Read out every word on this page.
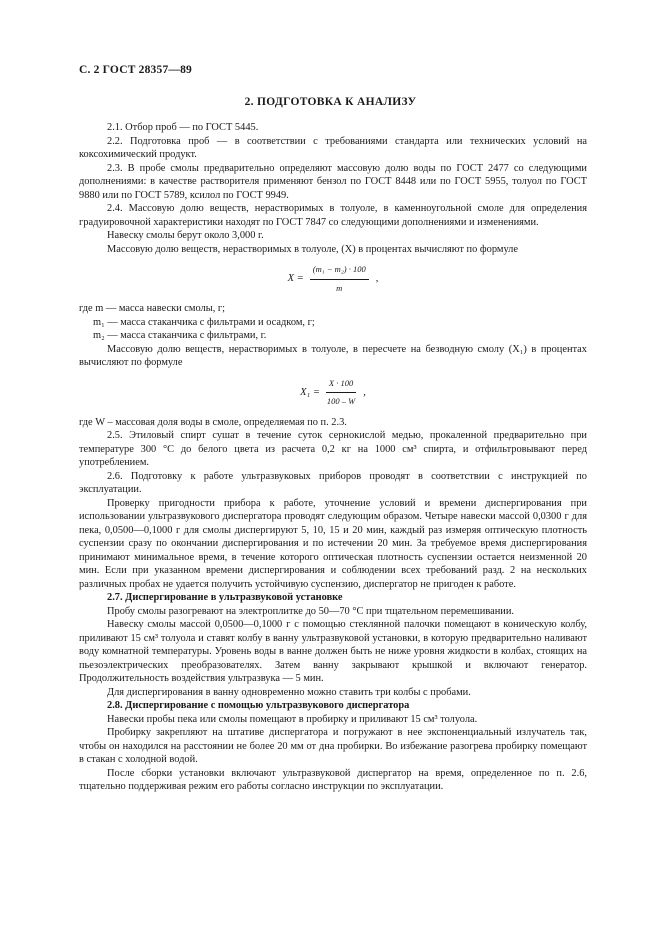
С. 2 ГОСТ 28357—89
2. ПОДГОТОВКА К АНАЛИЗУ

2.1. Отбор проб — по ГОСТ 5445.

2.2. Подготовка проб — в соответствии с требованиями стандарта или технических условий на коксохимический продукт.

2.3. В пробе смолы предварительно определяют массовую долю воды по ГОСТ 2477 со следующими дополнениями: в качестве растворителя применяют бензол по ГОСТ 8448 или по ГОСТ 5955, толуол по ГОСТ 9880 или по ГОСТ 5789, ксилол по ГОСТ 9949.

2.4. Массовую долю веществ, нерастворимых в толуоле, в каменноугольной смоле для определения градуировочной характеристики находят по ГОСТ 7847 со следующими дополнениями и изменениями.

Навеску смолы берут около 3,000 г.

Массовую долю веществ, нерастворимых в толуоле, (X) в процентах вычисляют по формуле

$X = \frac{\text{(m₁ − m₂) · 100}}{m}$ ,

где m — масса навески смолы, г;

m₁ — масса стаканчика с фильтрами и осадком, г;

m₂ — масса стаканчика с фильтрами, г.

Массовую долю веществ, нерастворимых в толуоле, в пересчете на безводную смолу (X₁) в процентах вычисляют по формуле

$X_1 = \frac{X \cdot 100}{100 - W}$ ,

где W – массовая доля воды в смоле, определяемая по п. 2.3.

2.5. Этиловый спирт сушат в течение суток сернокислой медью, прокаленной предварительно при температуре 300 °С до белого цвета из расчета 0,2 кг на 1000 см³ спирта, и отфильтровывают перед употреблением.

2.6. Подготовку к работе ультразвуковых приборов проводят в соответствии с инструкцией по эксплуатации.

Проверку пригодности прибора к работе, уточнение условий и времени диспергирования при использовании ультразвукового диспергатора проводят следующим образом. Четыре навески массой 0,0300 г для пека, 0,0500—0,1000 г для смолы диспергируют 5, 10, 15 и 20 мин, каждый раз измеряя оптическую плотность суспензии сразу по окончании диспергирования и по истечении 20 мин. За требуемое время диспергирования принимают минимальное время, в течение которого оптическая плотность суспензии остается неизменной 20 мин. Если при указанном времени диспергирования и соблюдении всех требований разд. 2 на нескольких различных пробах не удается получить устойчивую суспензию, диспергатор не пригоден к работе.

2.7. Диспергирование в ультразвуковой установке

Пробу смолы разогревают на электроплитке до 50—70 °С при тщательном перемешивании.

Навеску смолы массой 0,0500—0,1000 г с помощью стеклянной палочки помещают в коническую колбу, приливают 15 см³ толуола и ставят колбу в ванну ультразвуковой установки, в которую предварительно наливают воду комнатной температуры. Уровень воды в ванне должен быть не ниже уровня жидкости в колбах, стоящих на пьезоэлектрических преобразователях. Затем ванну закрывают крышкой и включают генератор. Продолжительность воздействия ультразвука — 5 мин.

Для диспергирования в ванну одновременно можно ставить три колбы с пробами.

2.8. Диспергирование с помощью ультразвукового диспергатора

Навески пробы пека или смолы помещают в пробирку и приливают 15 см³ толуола.

Пробирку закрепляют на штативе диспергатора и погружают в нее экспоненциальный излучатель так, чтобы он находился на расстоянии не более 20 мм от дна пробирки. Во избежание разогрева пробирку помещают в стакан с холодной водой.

После сборки установки включают ультразвуковой диспергатор на время, определенное по п. 2.6, тщательно поддерживая режим его работы согласно инструкции по эксплуатации.
